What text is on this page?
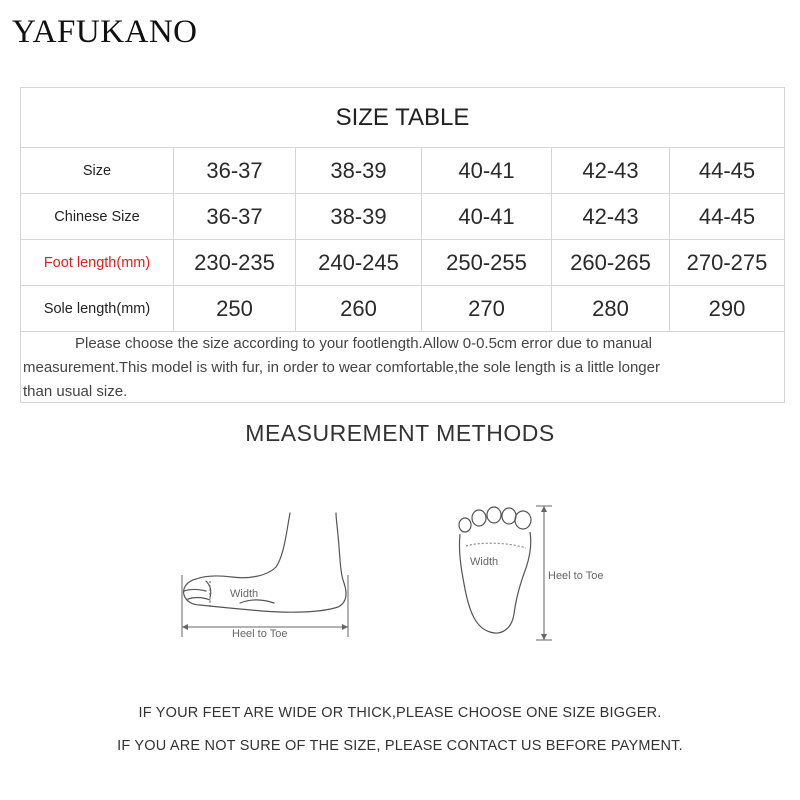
YAFUKANO
SIZE TABLE
Size	36-37	38-39	40-41	42-43	44-45
Chinese Size	36-37	38-39	40-41	42-43	44-45
Foot length(mm)	230-235	240-245	250-255	260-265	270-275
Sole length(mm)	250	260	270	280	290
Please choose the size according to your footlength.Allow 0-0.5cm error due to manual
measurement.This model is with fur, in order to wear comfortable,the sole length is a little longer
than usual size.
MEASUREMENT METHODS
Width
Heel to Toe
Width
Heel to Toe
IF YOUR FEET ARE WIDE OR THICK,PLEASE CHOOSE ONE SIZE BIGGER.
IF YOU ARE NOT SURE OF THE SIZE, PLEASE CONTACT US BEFORE PAYMENT.
